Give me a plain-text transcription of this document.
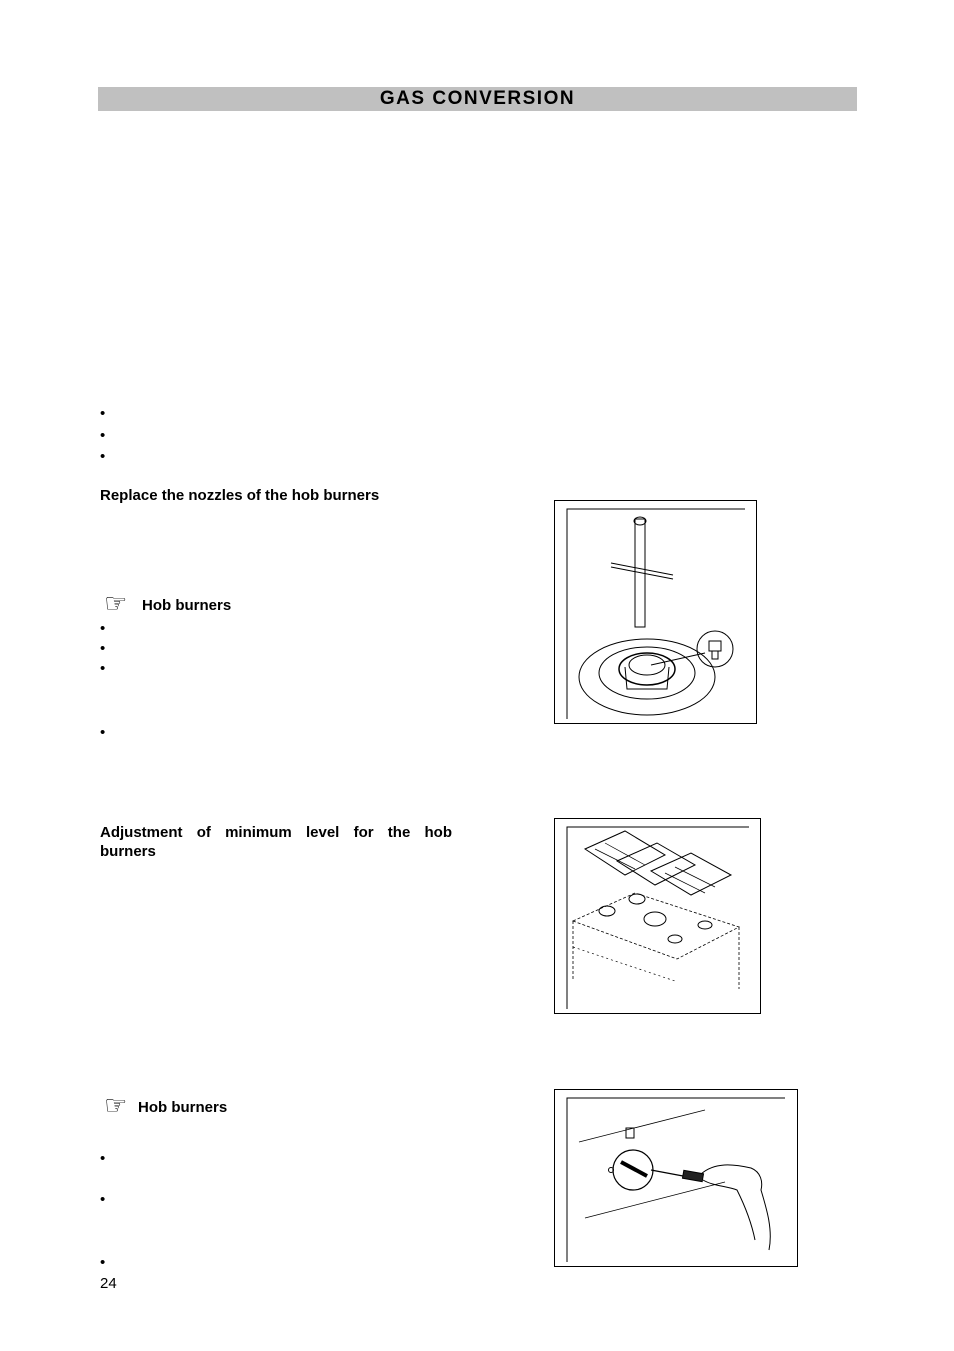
GAS CONVERSION
•
•
•
Replace the nozzles of the hob burners
☞ Hob burners
•
•
•
•
Adjustment of minimum level for the hob
burners
☞ Hob burners
•
•
•
24
